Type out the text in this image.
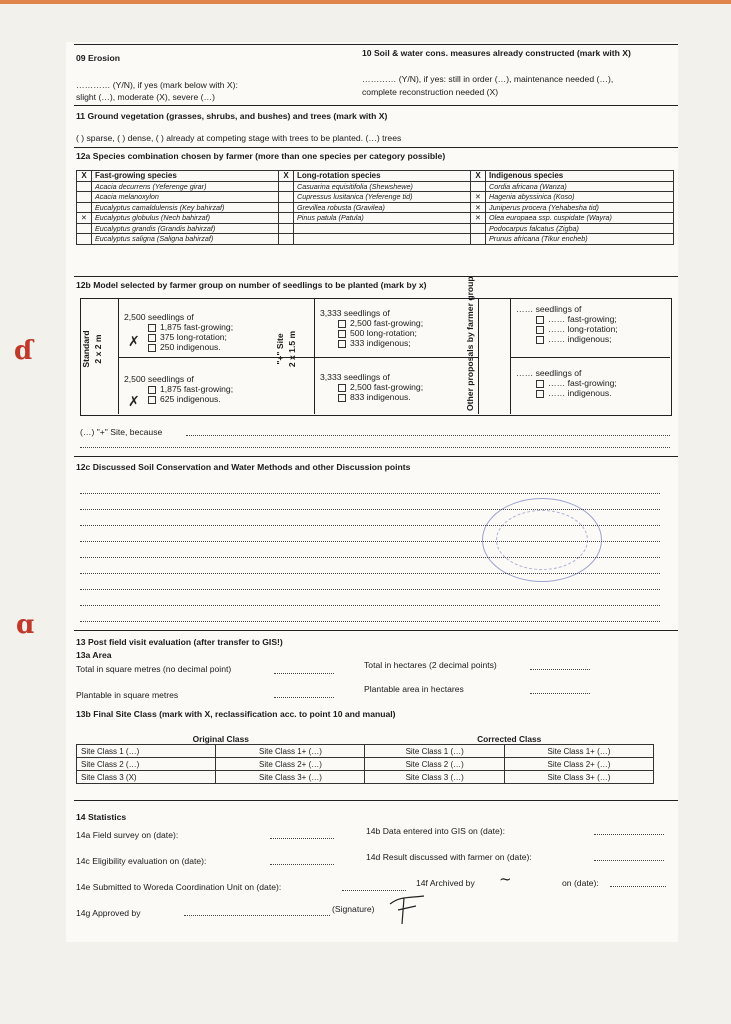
ɗ
ɑ
09 Erosion
………… (Y/N), if yes (mark below with X):
slight (…), moderate (X), severe (…)
10 Soil & water cons. measures already constructed (mark with X)
………… (Y/N), if yes: still in order (…), maintenance needed (…),
complete reconstruction needed (X)
11 Ground vegetation (grasses, shrubs, and bushes) and trees (mark with X)
( ) sparse, ( ) dense, ( ) already at competing stage with trees to be planted. (…) trees
12a Species combination chosen by farmer (more than one species per category possible)
X	Fast-growing species	X	Long-rotation species	X	Indigenous species
	Acacia decurrens (Yeferenge girar)		Casuarina equisitifolia (Shewshewe)		Cordia africana (Wanza)
	Acacia melanoxylon		Cupressus lusitanica (Yeferenge tid)	✕	Hagenia abyssinica (Koso)
	Eucalyptus camaldulensis (Key bahirzaf)		Grevillea robusta (Gravilea)	✕	Juniperus procera (Yehabesha tid)
✕	Eucalyptus globulus (Nech bahirzaf)		Pinus patula (Patula)	✕	Olea europaea ssp. cuspidate (Wayra)
	Eucalyptus grandis (Grandis bahirzaf)				Podocarpus falcatus (Zigba)
	Eucalyptus saligna (Saligna bahirzaf)				Prunus africana (Tikur encheb)
12b Model selected by farmer group on number of seedlings to be planted (mark by x)
Standard 2 x 2 m	"+" Site 2 x 1.5 m	Other proposals by farmer group
2,500 seedlings of
1,875 fast-growing;
375 long-rotation;
250 indigenous.
✗
2,500 seedlings of
1,875 fast-growing;
625 indigenous.
✗
3,333 seedlings of
2,500 fast-growing;
500 long-rotation;
333 indigenous;
3,333 seedlings of
2,500 fast-growing;
833 indigenous.
…… seedlings of
…… fast-growing;
…… long-rotation;
…… indigenous;
…… seedlings of
…… fast-growing;
…… indigenous.
(…) "+" Site, because
12c Discussed Soil Conservation and Water Methods and other Discussion points
13 Post field visit evaluation (after transfer to GIS!)
13a Area
Total in square metres (no decimal point)	Total in hectares (2 decimal points)
Plantable in square metres
Plantable area in hectares
13b Final Site Class (mark with X, reclassification acc. to point 10 and manual)
Original Class		Corrected Class	
Site Class 1 (…)	Site Class 1+ (…)	Site Class 1 (…)	Site Class 1+ (…)
Site Class 2 (…)	Site Class 2+ (…)	Site Class 2 (…)	Site Class 2+ (…)
Site Class 3 (X)	Site Class 3+ (…)	Site Class 3 (…)	Site Class 3+ (…)
14 Statistics
14a Field survey on (date):	14b Data entered into GIS on (date):
14c Eligibility evaluation on (date):	14d Result discussed with farmer on (date):
14e Submitted to Woreda Coordination Unit on (date):	14f Archived by ~	on (date):
14g Approved by	(Signature)
